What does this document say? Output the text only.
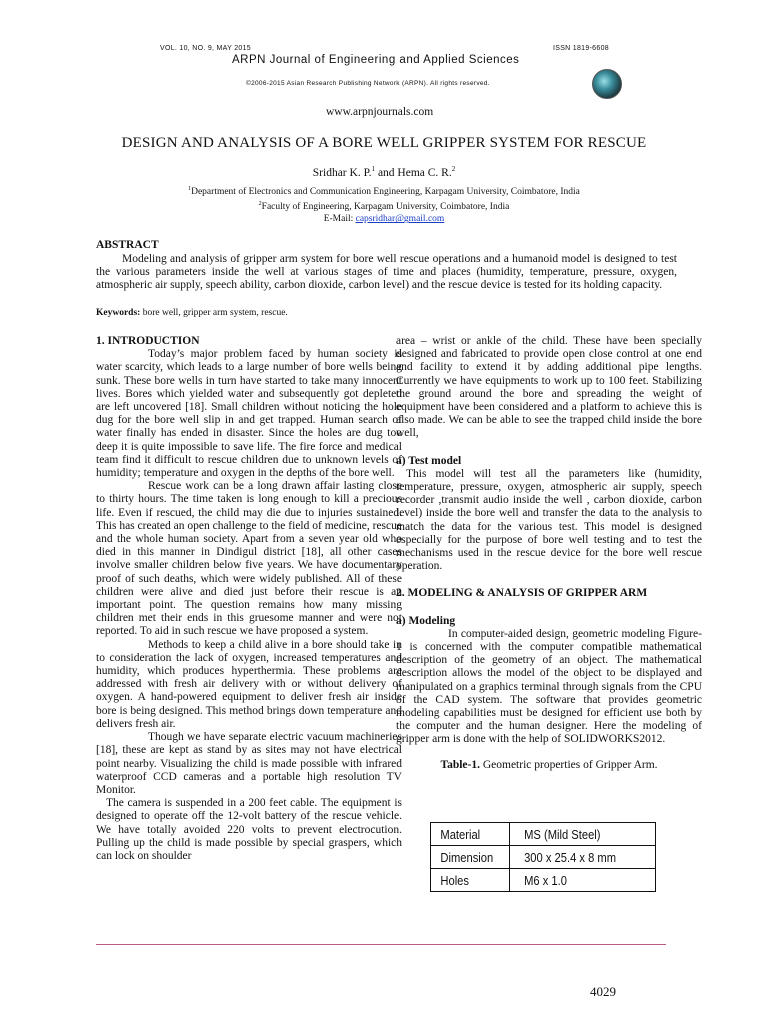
VOL. 10, NO. 9, MAY 2015	ISSN 1819-6608
ARPN Journal of Engineering and Applied Sciences
©2006-2015 Asian Research Publishing Network (ARPN). All rights reserved.
www.arpnjournals.com
DESIGN AND ANALYSIS OF A BORE WELL GRIPPER SYSTEM FOR RESCUE
Sridhar K. P.$^1$ and Hema C. R.$^2$
$^1$Department of Electronics and Communication Engineering, Karpagam University, Coimbatore, India
$^2$Faculty of Engineering, Karpagam University, Coimbatore, India
E-Mail: capsridhar@gmail.com
ABSTRACT
Modeling and analysis of gripper arm system for bore well rescue operations and a humanoid model is designed to test the various parameters inside the well at various stages of time and places (humidity, temperature, pressure, oxygen, atmospheric air supply, speech ability, carbon dioxide, carbon level) and the rescue device is tested for its holding capacity.
Keywords: bore well, gripper arm system, rescue.
1. INTRODUCTION

Today’s major problem faced by human society is water scarcity, which leads to a large number of bore wells being sunk. These bore wells in turn have started to take many innocent lives. Bores which yielded water and subsequently got depleted are left uncovered [18]. Small children without noticing the hole dug for the bore well slip in and get trapped. Human search of water finally has ended in disaster. Since the holes are dug too deep it is quite impossible to save life. The fire force and medical team find it difficult to rescue children due to unknown levels of humidity; temperature and oxygen in the depths of the bore well.

Rescue work can be a long drawn affair lasting close to thirty hours. The time taken is long enough to kill a precious life. Even if rescued, the child may die due to injuries sustained. This has created an open challenge to the field of medicine, rescue and the whole human society. Apart from a seven year old who died in this manner in Dindigul district [18], all other cases involve smaller children below five years. We have documentary proof of such deaths, which were widely published. All of these children were alive and died just before their rescue is an important point. The question remains how many missing children met their ends in this gruesome manner and were not reported. To aid in such rescue we have proposed a system.

Methods to keep a child alive in a bore should take in to consideration the lack of oxygen, increased temperatures and humidity, which produces hyperthermia. These problems are addressed with fresh air delivery with or without delivery of oxygen. A hand-powered equipment to deliver fresh air inside bore is being designed. This method brings down temperature and delivers fresh air.

Though we have separate electric vacuum machineries [18], these are kept as stand by as sites may not have electrical point nearby. Visualizing the child is made possible with infrared waterproof CCD cameras and a portable high resolution TV Monitor.

The camera is suspended in a 200 feet cable. The equipment is designed to operate off the 12-volt battery of the rescue vehicle. We have totally avoided 220 volts to prevent electrocution. Pulling up the child is made possible by special graspers, which can lock on shoulder

area – wrist or ankle of the child. These have been specially designed and fabricated to provide open close control at one end and facility to extend it by adding additional pipe lengths. Currently we have equipments to work up to 100 feet. Stabilizing the ground around the bore and spreading the weight of equipment have been considered and a platform to achieve this is also made. We can be able to see the trapped child inside the bore well,

a) Test model

This model will test all the parameters like (humidity, temperature, pressure, oxygen, atmospheric air supply, speech recorder ,transmit audio inside the well , carbon dioxide, carbon level) inside the bore well and transfer the data to the analysis to match the data for the various test. This model is designed especially for the purpose of bore well testing and to test the mechanisms used in the rescue device for the bore well rescue operation.

2. MODELING & ANALYSIS OF GRIPPER ARM
a) Modeling

In computer-aided design, geometric modeling Figure-1 is concerned with the computer compatible mathematical description of the geometry of an object. The mathematical description allows the model of the object to be displayed and manipulated on a graphics terminal through signals from the CPU of the CAD system. The software that provides geometric modeling capabilities must be designed for efficient use both by the computer and the human designer. Here the modeling of gripper arm is done with the help of SOLIDWORKS2012.

Table-1. Geometric properties of Gripper Arm.
Material	MS (Mild Steel)
Dimension	300 x 25.4 x 8 mm
Holes	M6 x 1.0
4029
